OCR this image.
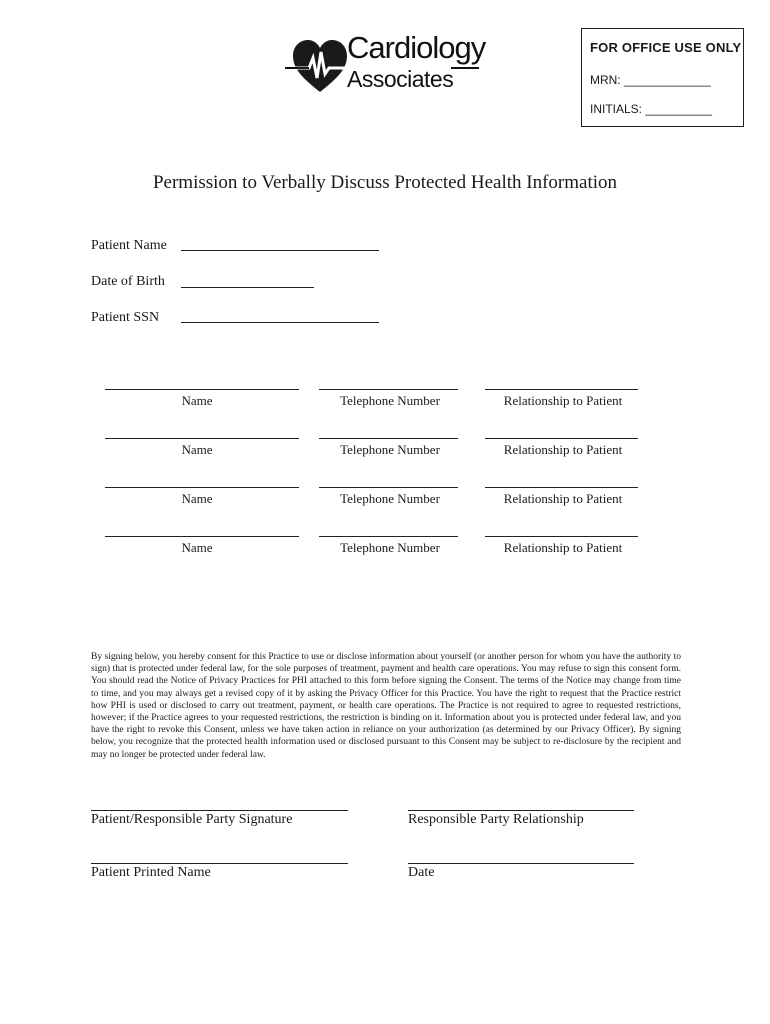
Cardiology
Associates
FOR OFFICE USE ONLY
MRN: _____________
INITIALS: __________
Permission to Verbally Discuss Protected Health Information
Patient Name
Date of Birth
Patient SSN
Name	Telephone Number	Relationship to Patient
Name	Telephone Number	Relationship to Patient
Name	Telephone Number	Relationship to Patient
Name	Telephone Number	Relationship to Patient
By signing below, you hereby consent for this Practice to use or disclose information about yourself (or another person for whom you have the authority to sign) that is protected under federal law, for the sole purposes of treatment, payment and health care operations. You may refuse to sign this consent form. You should read the Notice of Privacy Practices for PHI attached to this form before signing the Consent. The terms of the Notice may change from time to time, and you may always get a revised copy of it by asking the Privacy Officer for this Practice. You have the right to request that the Practice restrict how PHI is used or disclosed to carry out treatment, payment, or health care operations. The Practice is not required to agree to requested restrictions, however; if the Practice agrees to your requested restrictions, the restriction is binding on it. Information about you is protected under federal law, and you have the right to revoke this Consent, unless we have taken action in reliance on your authorization (as determined by our Privacy Officer). By signing below, you recognize that the protected health information used or disclosed pursuant to this Consent may be subject to re-disclosure by the recipient and may no longer be protected under federal law.
Patient/Responsible Party Signature	Responsible Party Relationship
Patient Printed Name	Date
